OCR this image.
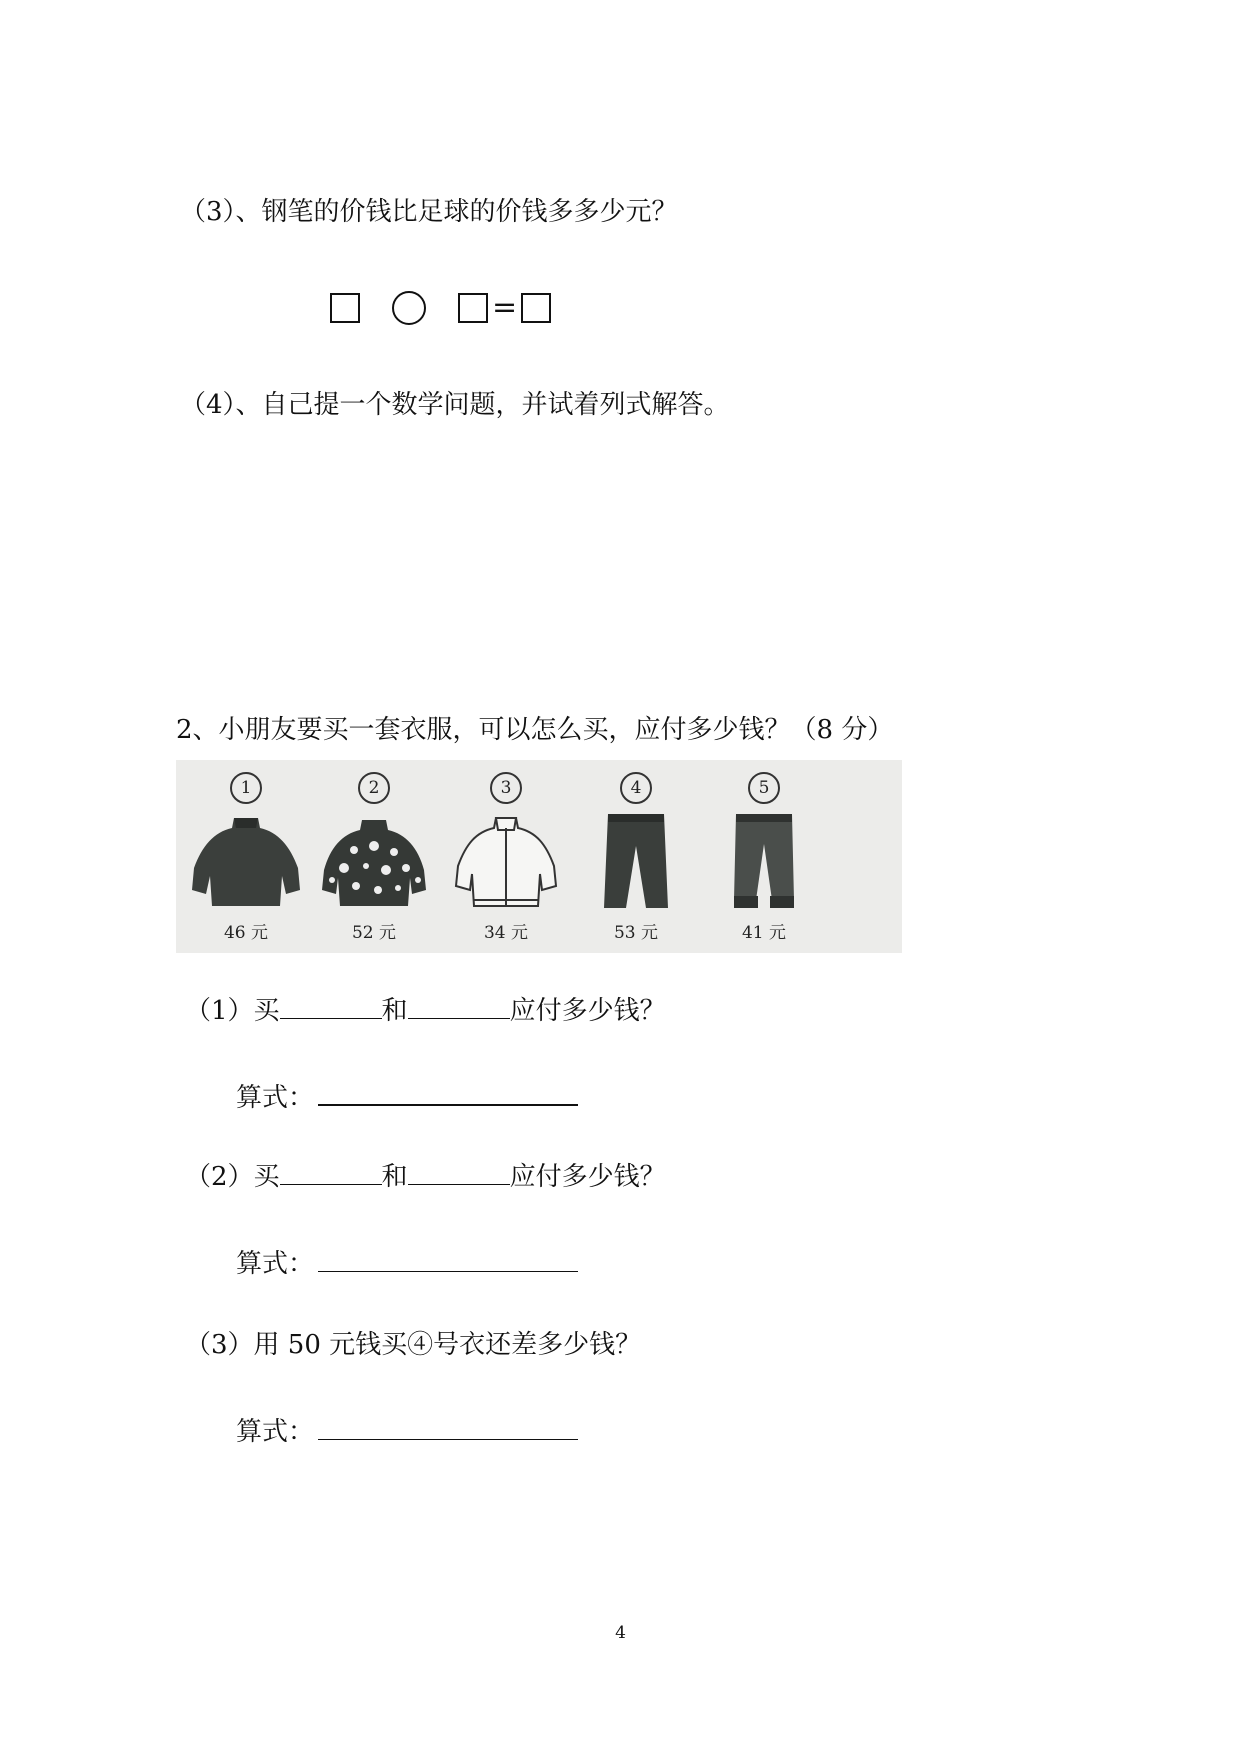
（3）、钢笔的价钱比足球的价钱多多少元？
=
（4）、自己提一个数学问题，并试着列式解答。
2、小朋友要买一套衣服，可以怎么买，应付多少钱？（8 分）
1
46 元
2
52 元
3
34 元
4
53 元
5
41 元
（1）买	和	应付多少钱？
算式：
（2）买	和	应付多少钱？
算式：
（3）用 50 元钱买④号衣还差多少钱？
算式：
4
